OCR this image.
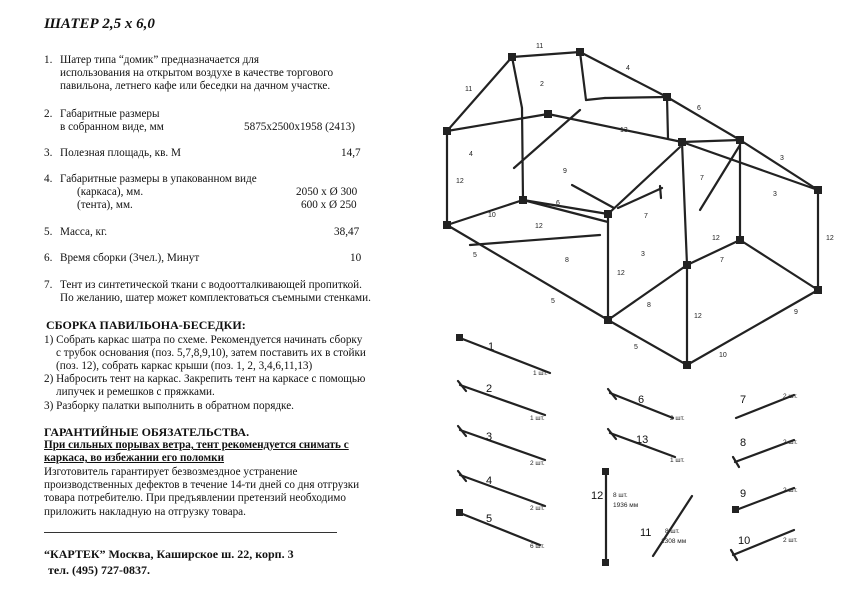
ШАТЕР 2,5 х 6,0
1. Шатер типа “домик” предназначается для
использования на открытом воздухе в качестве торгового
павильона, летнего кафе или беседки на дачном участке.
2. Габаритные размеры
в собранном виде, мм	5875x2500x1958 (2413)
3. Полезная площадь, кв. М	14,7
4. Габаритные размеры в упакованном виде
(каркаса), мм.	2050 х Ø 300
(тента), мм.	600 х Ø 250
5. Масса, кг.	38,47
6. Время сборки (3чел.), Минут	10
7. Тент из синтетической ткани с водоотталкивающей пропиткой.
По желанию, шатер может комплектоваться съемными стенками.
СБОРКА ПАВИЛЬОНА-БЕСЕДКИ:
1) Собрать каркас шатра по схеме. Рекомендуется начинать сборку
с трубок основания (поз. 5,7,8,9,10), затем поставить их в стойки
(поз. 12), собрать каркас крыши (поз. 1, 2, 3,4,6,11,13)
2) Набросить тент на каркас. Закрепить тент на каркасе с помощью
липучек и ремешков с пряжками.
3) Разборку палатки выполнить в обратном порядке.
ГАРАНТИЙНЫЕ ОБЯЗАТЕЛЬСТВА.
При сильных порывах ветра, тент рекомендуется снимать с
каркаса, во избежании его поломки
Изготовитель гарантирует безвозмездное устранение
производственных дефектов в течение 14-ти дней со дня отгрузки
товара потребителю. При предъявлении претензий необходимо
приложить накладную на отгрузку товара.
“КАРТЕК” Москва, Каширское ш. 22, корп. 3
тел. (495) 727-0837.
11
4
2
11
6
13
4
3
12
9
7
3
6
10
12
7
5
8
12
3
12
7
12
5
8
12
9
5
10
1
2
3
4
5
6
13
12
11
7
8
9
10
1 шт.
1 шт.
2 шт.
2 шт.
6 шт.
2 шт.
1 шт.
8 шт.
1936 мм
8 шт.
1308 мм
2 шт.
2 шт.
2 шт.
2 шт.
